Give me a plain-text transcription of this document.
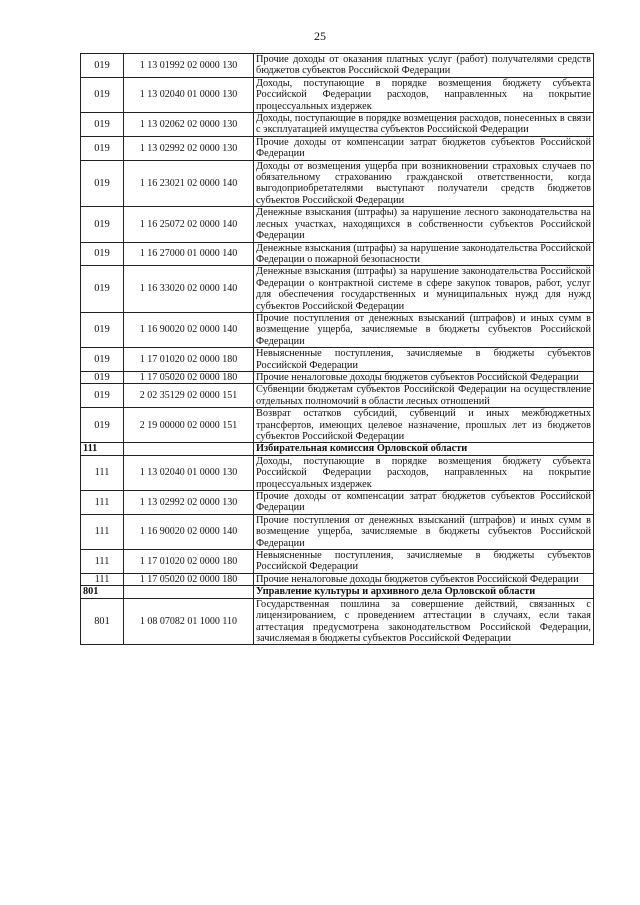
25
019	1 13 01992 02 0000 130	Прочие доходы от оказания платных услуг (работ) получателями средств бюджетов субъектов Российской Федерации
019	1 13 02040 01 0000 130	Доходы, поступающие в порядке возмещения бюджету субъекта Российской Федерации расходов, направленных на покрытие процессуальных издержек
019	1 13 02062 02 0000 130	Доходы, поступающие в порядке возмещения расходов, понесенных в связи с эксплуатацией имущества субъектов Российской Федерации
019	1 13 02992 02 0000 130	Прочие доходы от компенсации затрат бюджетов субъектов Российской Федерации
019	1 16 23021 02 0000 140	Доходы от возмещения ущерба при возникновении страховых случаев по обязательному страхованию гражданской ответственности, когда выгодоприобретателями выступают получатели средств бюджетов субъектов Российской Федерации
019	1 16 25072 02 0000 140	Денежные взыскания (штрафы) за нарушение лесного законодательства на лесных участках, находящихся в собственности субъектов Российской Федерации
019	1 16 27000 01 0000 140	Денежные взыскания (штрафы) за нарушение законодательства Российской Федерации о пожарной безопасности
019	1 16 33020 02 0000 140	Денежные взыскания (штрафы) за нарушение законодательства Российской Федерации о контрактной системе в сфере закупок товаров, работ, услуг для обеспечения государственных и муниципальных нужд для нужд субъектов Российской Федерации
019	1 16 90020 02 0000 140	Прочие поступления от денежных взысканий (штрафов) и иных сумм в возмещение ущерба, зачисляемые в бюджеты субъектов Российской Федерации
019	1 17 01020 02 0000 180	Невыясненные поступления, зачисляемые в бюджеты субъектов Российской Федерации
019	1 17 05020 02 0000 180	Прочие неналоговые доходы бюджетов субъектов Российской Федерации
019	2 02 35129 02 0000 151	Субвенции бюджетам субъектов Российской Федерации на осуществление отдельных полномочий в области лесных отношений
019	2 19 00000 02 0000 151	Возврат остатков субсидий, субвенций и иных межбюджетных трансфертов, имеющих целевое назначение, прошлых лет из бюджетов субъектов Российской Федерации
111		Избирательная комиссия Орловской области
111	1 13 02040 01 0000 130	Доходы, поступающие в порядке возмещения бюджету субъекта Российской Федерации расходов, направленных на покрытие процессуальных издержек
111	1 13 02992 02 0000 130	Прочие доходы от компенсации затрат бюджетов субъектов Российской Федерации
111	1 16 90020 02 0000 140	Прочие поступления от денежных взысканий (штрафов) и иных сумм в возмещение ущерба, зачисляемые в бюджеты субъектов Российской Федерации
111	1 17 01020 02 0000 180	Невыясненные поступления, зачисляемые в бюджеты субъектов Российской Федерации
111	1 17 05020 02 0000 180	Прочие неналоговые доходы бюджетов субъектов Российской Федерации
801		Управление культуры и архивного дела Орловской области
801	1 08 07082 01 1000 110	Государственная пошлина за совершение действий, связанных с лицензированием, с проведением аттестации в случаях, если такая аттестация предусмотрена законодательством Российской Федерации, зачисляемая в бюджеты субъектов Российской Федерации
